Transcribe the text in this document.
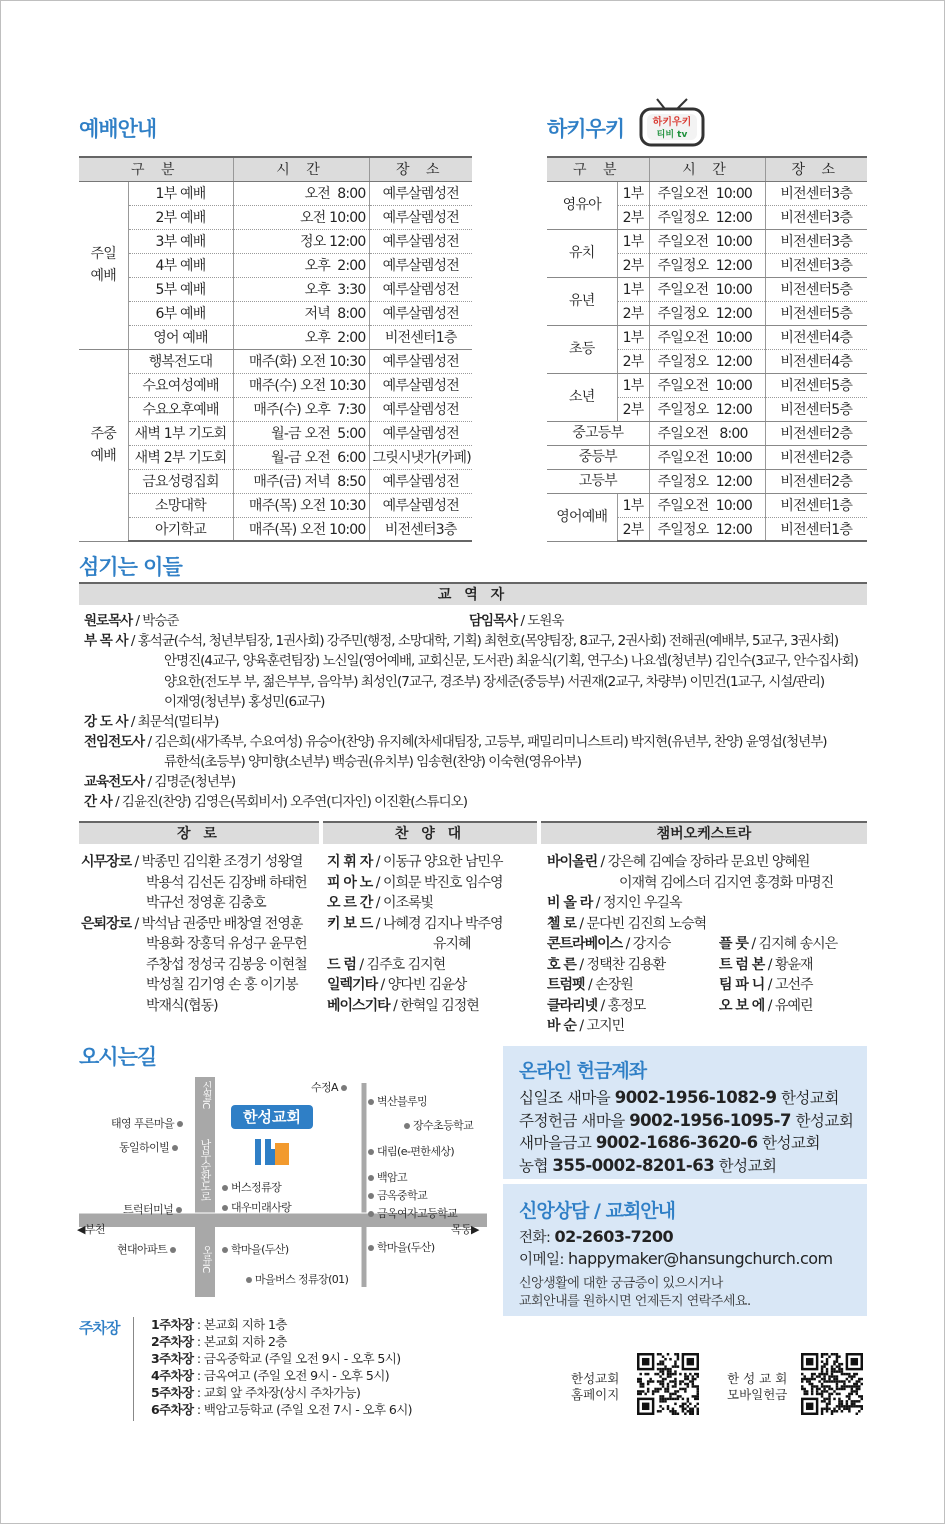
예배안내
구 분		시 간	장 소
주일
예배	1부 예배	오전  8:00	예루살렘성전
	2부 예배	오전 10:00	예루살렘성전
	3부 예배	정오 12:00	예루살렘성전
	4부 예배	오후  2:00	예루살렘성전
	5부 예배	오후  3:30	예루살렘성전
	6부 예배	저녁  8:00	예루살렘성전
	영어 예배	오후  2:00	비전센터1층
주중
예배	행복전도대	매주(화) 오전 10:30	예루살렘성전
	수요여성예배	매주(수) 오전 10:30	예루살렘성전
	수요오후예배	매주(수) 오후  7:30	예루살렘성전
	새벽 1부 기도회	월-금 오전  5:00	예루살렘성전
	새벽 2부 기도회	월-금 오전  6:00	그릿시냇가(카페)
	금요성령집회	매주(금) 저녁  8:50	예루살렘성전
	소망대학	매주(목) 오전 10:30	예루살렘성전
	아기학교	매주(목) 오전 10:00	비전센터3층
하키우키	하키우키
티비 tv
구 분		시 간	장 소
영유아	1부	주일오전  10:00	비전센터3층
	2부	주일정오  12:00	비전센터3층
유치	1부	주일오전  10:00	비전센터3층
	2부	주일정오  12:00	비전센터3층
유년	1부	주일오전  10:00	비전센터5층
	2부	주일정오  12:00	비전센터5층
초등	1부	주일오전  10:00	비전센터4층
	2부	주일정오  12:00	비전센터4층
소년	1부	주일오전  10:00	비전센터5층
	2부	주일정오  12:00	비전센터5층
중고등부		주일오전   8:00	비전센터2층
중등부		주일오전  10:00	비전센터2층
고등부		주일정오  12:00	비전센터2층
영어예배	1부	주일오전  10:00	비전센터1층
	2부	주일정오  12:00	비전센터1층
섬기는 이들
교 역 자
원로목사 / 박승준
부 목 사 / 홍석균(수석, 청년부팀장, 1권사회) 강주민(행정, 소망대학, 기획) 최현호(목양팀장, 8교구, 2권사회) 전해권(예배부, 5교구, 3권사회)
안명진(4교구, 양육훈련팀장) 노신일(영어예배, 교회신문, 도서관) 최윤식(기획, 연구소) 나요셉(청년부) 김인수(3교구, 안수집사회)
양요한(전도부 부, 젊은부부, 음악부) 최성인(7교구, 경조부) 장세준(중등부) 서권재(2교구, 차량부) 이민건(1교구, 시설/관리)
이재영(청년부) 홍성민(6교구)
강 도 사 / 최문석(멀티부)
전임전도사 / 김은희(새가족부, 수요여성) 유승아(찬양) 유지혜(차세대팀장, 고등부, 패밀리미니스트리) 박지현(유년부, 찬양) 윤영섭(청년부)
류한석(초등부) 양미향(소년부) 백승권(유치부) 임송현(찬양) 이숙현(영유아부)
교육전도사 / 김명준(청년부)
간 사 / 김윤진(찬양) 김영은(목회비서) 오주연(디자인) 이진환(스튜디오)
담임목사 / 도원욱
장 로	찬 양 대	챔버오케스트라
시무장로 / 박종민 김익환 조경기 성왕열
박용석 김선돈 김장배 하태헌
박규선 정영훈 김충호
은퇴장로 / 박석남 권중만 배창열 전영훈
박용화 장홍덕 유성구 윤무헌
주창섭 정성국 김봉웅 이현철
박성칠 김기영 손 홍 이기봉
박재식(협동)
지 휘 자 / 이동규 양요한 남민우
피 아 노 / 이희문 박진호 임수영
오 르 간 / 이조록빛
키 보 드 / 나혜경 김지나 박주영
유지혜
드 럼 / 김주호 김지현
일렉기타 / 양다빈 김윤상
베이스기타 / 한혁일 김정현
바이올린 / 강은혜 김예슬 장하라 문요빈 양혜원
이재혁 김에스더 김지연 홍경화 마명진
비 올 라 / 정지인 우길옥
첼 로 / 문다빈 김진희 노승혁
콘트라베이스 / 강지승
호 른 / 정택찬 김용환
트럼펫 / 손장원
클라리넷 / 홍정모
바 순 / 고지민
플 룻 / 김지혜 송시은
트 럼 본 / 황윤재
팀 파 니 / 고선주
오 보 에 / 유예린
오시는길
신월IC
남부순환도로
오류IC
◀부천	목동▶
한성교회
태영 푸른마을
동일하이빌
트럭터미널
현대아파트
버스정류장
대우미래사랑
학마을(두산)
마을버스 정류장(01)
수정A
벽산블루밍
장수초등학교
대림(e-편한세상)
백암고
금옥중학교
금옥여자고등학교
학마을(두산)
주차장	1주차장 : 본교회 지하 1층
2주차장 : 본교회 지하 2층
3주차장 : 금옥중학교 (주일 오전 9시 - 오후 5시)
4주차장 : 금옥여고 (주일 오전 9시 - 오후 5시)
5주차장 : 교회 앞 주차장(상시 주차가능)
6주차장 : 백암고등학교 (주일 오전 7시 - 오후 6시)
온라인 헌금계좌
십일조 새마을 9002-1956-1082-9 한성교회
주정헌금 새마을 9002-1956-1095-7 한성교회
새마을금고 9002-1686-3620-6 한성교회
농협 355-0002-8201-63 한성교회
신앙상담 / 교회안내
전화: 02-2603-7200
이메일: happymaker@hansungchurch.com
신앙생활에 대한 궁금증이 있으시거나
교회안내를 원하시면 언제든지 연락주세요.
한성교회
홈페이지
한 성 교 회
모바일헌금
